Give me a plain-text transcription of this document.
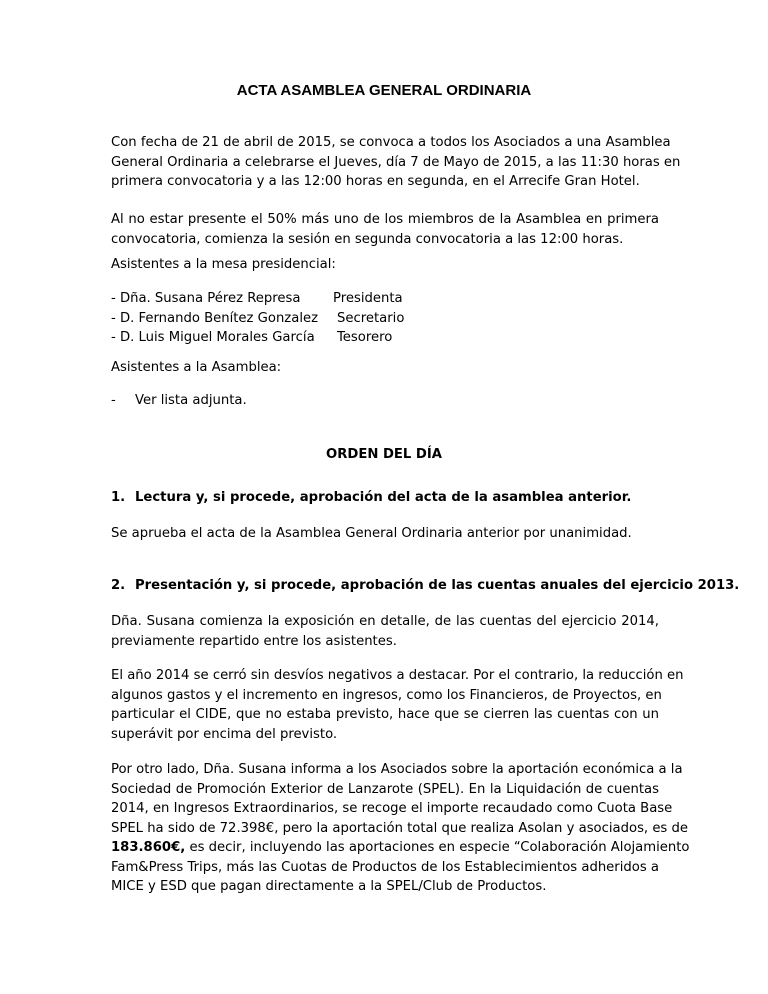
ACTA ASAMBLEA GENERAL ORDINARIA
Con fecha de 21 de abril de 2015, se convoca a todos los Asociados a una Asamblea
General Ordinaria a celebrarse el Jueves, día 7 de Mayo de 2015, a las 11:30 horas en
primera convocatoria y a las 12:00 horas en segunda, en el Arrecife Gran Hotel.
Al no estar presente el 50% más uno de los miembros de la Asamblea en primera
convocatoria, comienza la sesión en segunda convocatoria a las 12:00 horas.
Asistentes a la mesa presidencial:
- Dña. Susana Pérez Represa Presidenta
- D. Fernando Benítez Gonzalez Secretario
- D. Luis Miguel Morales García Tesorero
Asistentes a la Asamblea:
- Ver lista adjunta.
ORDEN DEL DÍA
1. Lectura y, si procede, aprobación del acta de la asamblea anterior.
Se aprueba el acta de la Asamblea General Ordinaria anterior por unanimidad.
2. Presentación y, si procede, aprobación de las cuentas anuales del ejercicio 2013.
Dña. Susana comienza la exposición en detalle, de las cuentas del ejercicio 2014,
previamente repartido entre los asistentes.
El año 2014 se cerró sin desvíos negativos a destacar. Por el contrario, la reducción en
algunos gastos y el incremento en ingresos, como los Financieros, de Proyectos, en
particular el CIDE, que no estaba previsto, hace que se cierren las cuentas con un
superávit por encima del previsto.
Por otro lado, Dña. Susana informa a los Asociados sobre la aportación económica a la
Sociedad de Promoción Exterior de Lanzarote (SPEL). En la Liquidación de cuentas
2014, en Ingresos Extraordinarios, se recoge el importe recaudado como Cuota Base
SPEL ha sido de 72.398€, pero la aportación total que realiza Asolan y asociados, es de
183.860€, es decir, incluyendo las aportaciones en especie “Colaboración Alojamiento
Fam&Press Trips, más las Cuotas de Productos de los Establecimientos adheridos a
MICE y ESD que pagan directamente a la SPEL/Club de Productos.
